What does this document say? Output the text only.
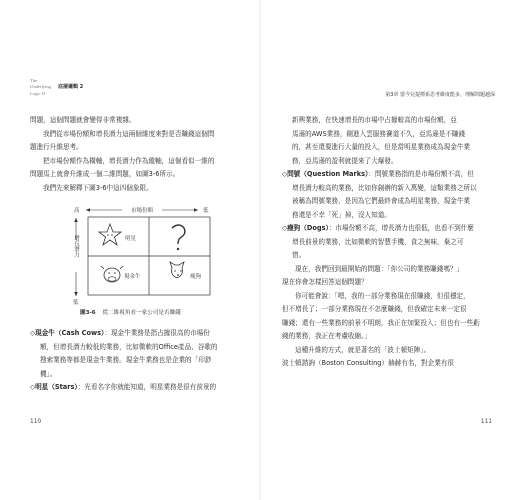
The
Underlying
Logic II
底層邏輯 2

問題，這個問題就會變得非常複雜。

我們從市場份額和增長潛力這兩個維度來對是否賺錢這個問
題進行升維思考。

把市場份額作為橫軸，增長潛力作為縱軸，這個看似一維的
問題馬上就會升維成一個二維問題，如圖3-6所示。

我們先來解釋下圖3-6中這四個象限。

高	低
市場份額
增長潛力
低
明星
現金牛	瘦狗
圖3-6 從二維視角看一家公司是否賺錢

◇現金牛（Cash Cows）：現金牛業務是指占據很高的市場份

額，但增長潛力較低的業務，比如微軟的Office產品、谷歌的
搜索業務等都是現金牛業務。現金牛業務也是企業的「印鈔
機」。

◇明星（Stars）：光看名字你就能知道，明星業務是很有前景的

110
第3章 當今兒提標系思考維度能多，理解問題越深

新興業務，在快速增長的市場中占據較高的市場份額，亞
馬遜的AWS業務，剛進入雲服務賽道不久，亞馬遜是不賺錢
的，甚至還要進行大量的投入，但是當明星業務成為現金牛業
務，亞馬遜的盈利就提來了大爆發。

◇問號（Question Marks）：問號業務指的是市場份額不高，但

增長潛力較高的業務，比如你創辦的新入萬變，這類業務之所以
被稱為問號業務，是因為它們最終會成為明星業務，現金牛業
務還是不幸「死」掉，沒人知道。

◇瘦狗（Dogs）：市場份額不高，增長潛力也很低，也看不到什麼

增長前景的業務，比如微軟的智慧手機，食之無味，棄之可
惜。

現在，我們回到最開始的問題：「你公司的業務賺錢嗎？」
現在你會怎樣回答這個問題？

你可能會說：「嗯，我的一部分業務現在很賺錢，但很穩定，
但不增長了；一部分業務現在不怎麼賺錢，但我確定未來一定很
賺錢；還有一些業務的前景不明朗，我正在加緊投入；但也有一些虧
錢的業務，我正在考慮收縮。」

這種升維的方式，就是著名的「波士頓矩陣」。
波士頓諮詢（Boston Consulting）赫赫有名，對企業有很

111
